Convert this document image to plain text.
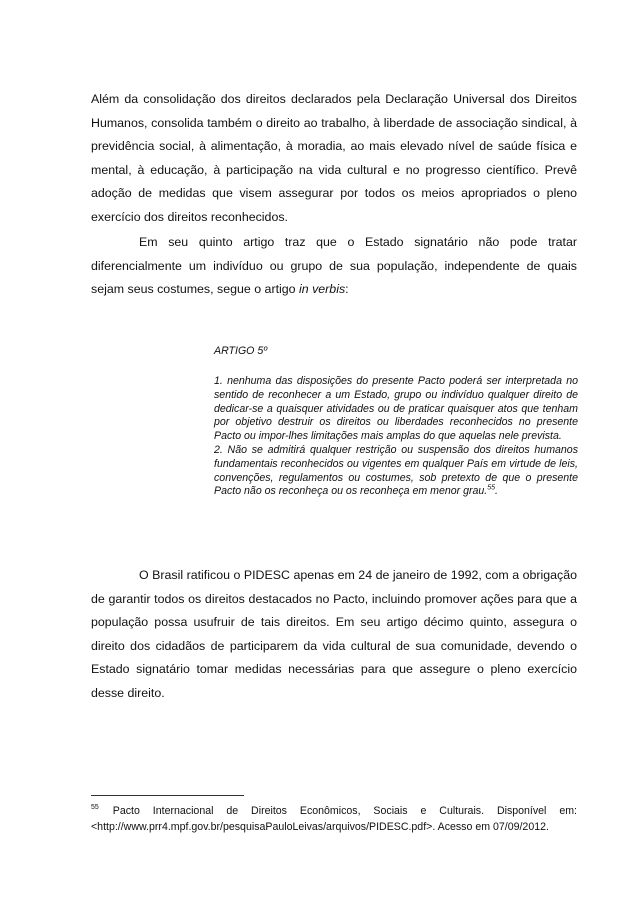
Além da consolidação dos direitos declarados pela Declaração Universal dos Direitos Humanos, consolida também o direito ao trabalho, à liberdade de associação sindical, à previdência social, à alimentação, à moradia, ao mais elevado nível de saúde física e mental, à educação, à participação na vida cultural e no progresso científico. Prevê adoção de medidas que visem assegurar por todos os meios apropriados o pleno exercício dos direitos reconhecidos.

Em seu quinto artigo traz que o Estado signatário não pode tratar diferencialmente um indivíduo ou grupo de sua população, independente de quais sejam seus costumes, segue o artigo in verbis:

ARTIGO 5º

1. nenhuma das disposições do presente Pacto poderá ser interpretada no sentido de reconhecer a um Estado, grupo ou indivíduo qualquer direito de dedicar-se a quaisquer atividades ou de praticar quaisquer atos que tenham por objetivo destruir os direitos ou liberdades reconhecidos no presente Pacto ou impor-lhes limitações mais amplas do que aquelas nele prevista.
2. Não se admitirá qualquer restrição ou suspensão dos direitos humanos fundamentais reconhecidos ou vigentes em qualquer País em virtude de leis, convenções, regulamentos ou costumes, sob pretexto de que o presente Pacto não os reconheça ou os reconheça em menor grau.$^{55}$.

O Brasil ratificou o PIDESC apenas em 24 de janeiro de 1992, com a obrigação de garantir todos os direitos destacados no Pacto, incluindo promover ações para que a população possa usufruir de tais direitos. Em seu artigo décimo quinto, assegura o direito dos cidadãos de participarem da vida cultural de sua comunidade, devendo o Estado signatário tomar medidas necessárias para que assegure o pleno exercício desse direito.

$^{55}$ Pacto Internacional de Direitos Econômicos, Sociais e Culturais. Disponível em:
<http://www.prr4.mpf.gov.br/pesquisaPauloLeivas/arquivos/PIDESC.pdf>. Acesso em 07/09/2012.
